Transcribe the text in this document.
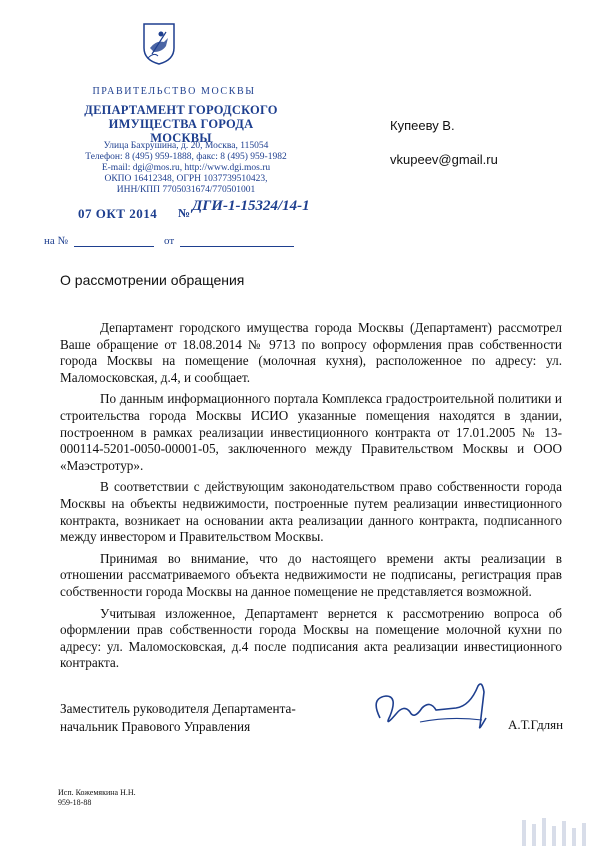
ПРАВИТЕЛЬСТВО МОСКВЫ
ДЕПАРТАМЕНТ ГОРОДСКОГО
ИМУЩЕСТВА ГОРОДА МОСКВЫ
Улица Бахрушина, д. 20, Москва, 115054
Телефон: 8 (495) 959-1888, факс: 8 (495) 959-1982
E-mail: dgi@mos.ru, http://www.dgi.mos.ru
ОКПО 16412348, ОГРН 1037739510423,
ИНН/КПП 7705031674/770501001
07 ОКТ 2014 № ДГИ-1-15324/14-1
на №	от
Купееву В.
vkupeev@gmail.ru
О рассмотрении обращения

Департамент городского имущества города Москвы (Департамент) рассмотрел Ваше обращение от 18.08.2014 № 9713 по вопросу оформления прав собственности города Москвы на помещение (молочная кухня), расположенное по адресу: ул. Маломосковская, д.4, и сообщает.

По данным информационного портала Комплекса градостроительной политики и строительства города Москвы ИСИО указанные помещения находятся в здании, построенном в рамках реализации инвестиционного контракта от 17.01.2005 № 13-000114-5201-0050-00001-05, заключенного между Правительством Москвы и ООО «Маэстротур».

В соответствии с действующим законодательством право собственности города Москвы на объекты недвижимости, построенные путем реализации инвестиционного контракта, возникает на основании акта реализации данного контракта, подписанного между инвестором и Правительством Москвы.

Принимая во внимание, что до настоящего времени акты реализации в отношении рассматриваемого объекта недвижимости не подписаны, регистрация прав собственности города Москвы на данное помещение не представляется возможной.

Учитывая изложенное, Департамент вернется к рассмотрению вопроса об оформлении прав собственности города Москвы на помещение молочной кухни по адресу: ул. Маломосковская, д.4 после подписания акта реализации инвестиционного контракта.

Заместитель руководителя Департамента-
начальник Правового Управления	А.Т.Гдлян
Исп. Кожемякина Н.Н.
959-18-88
